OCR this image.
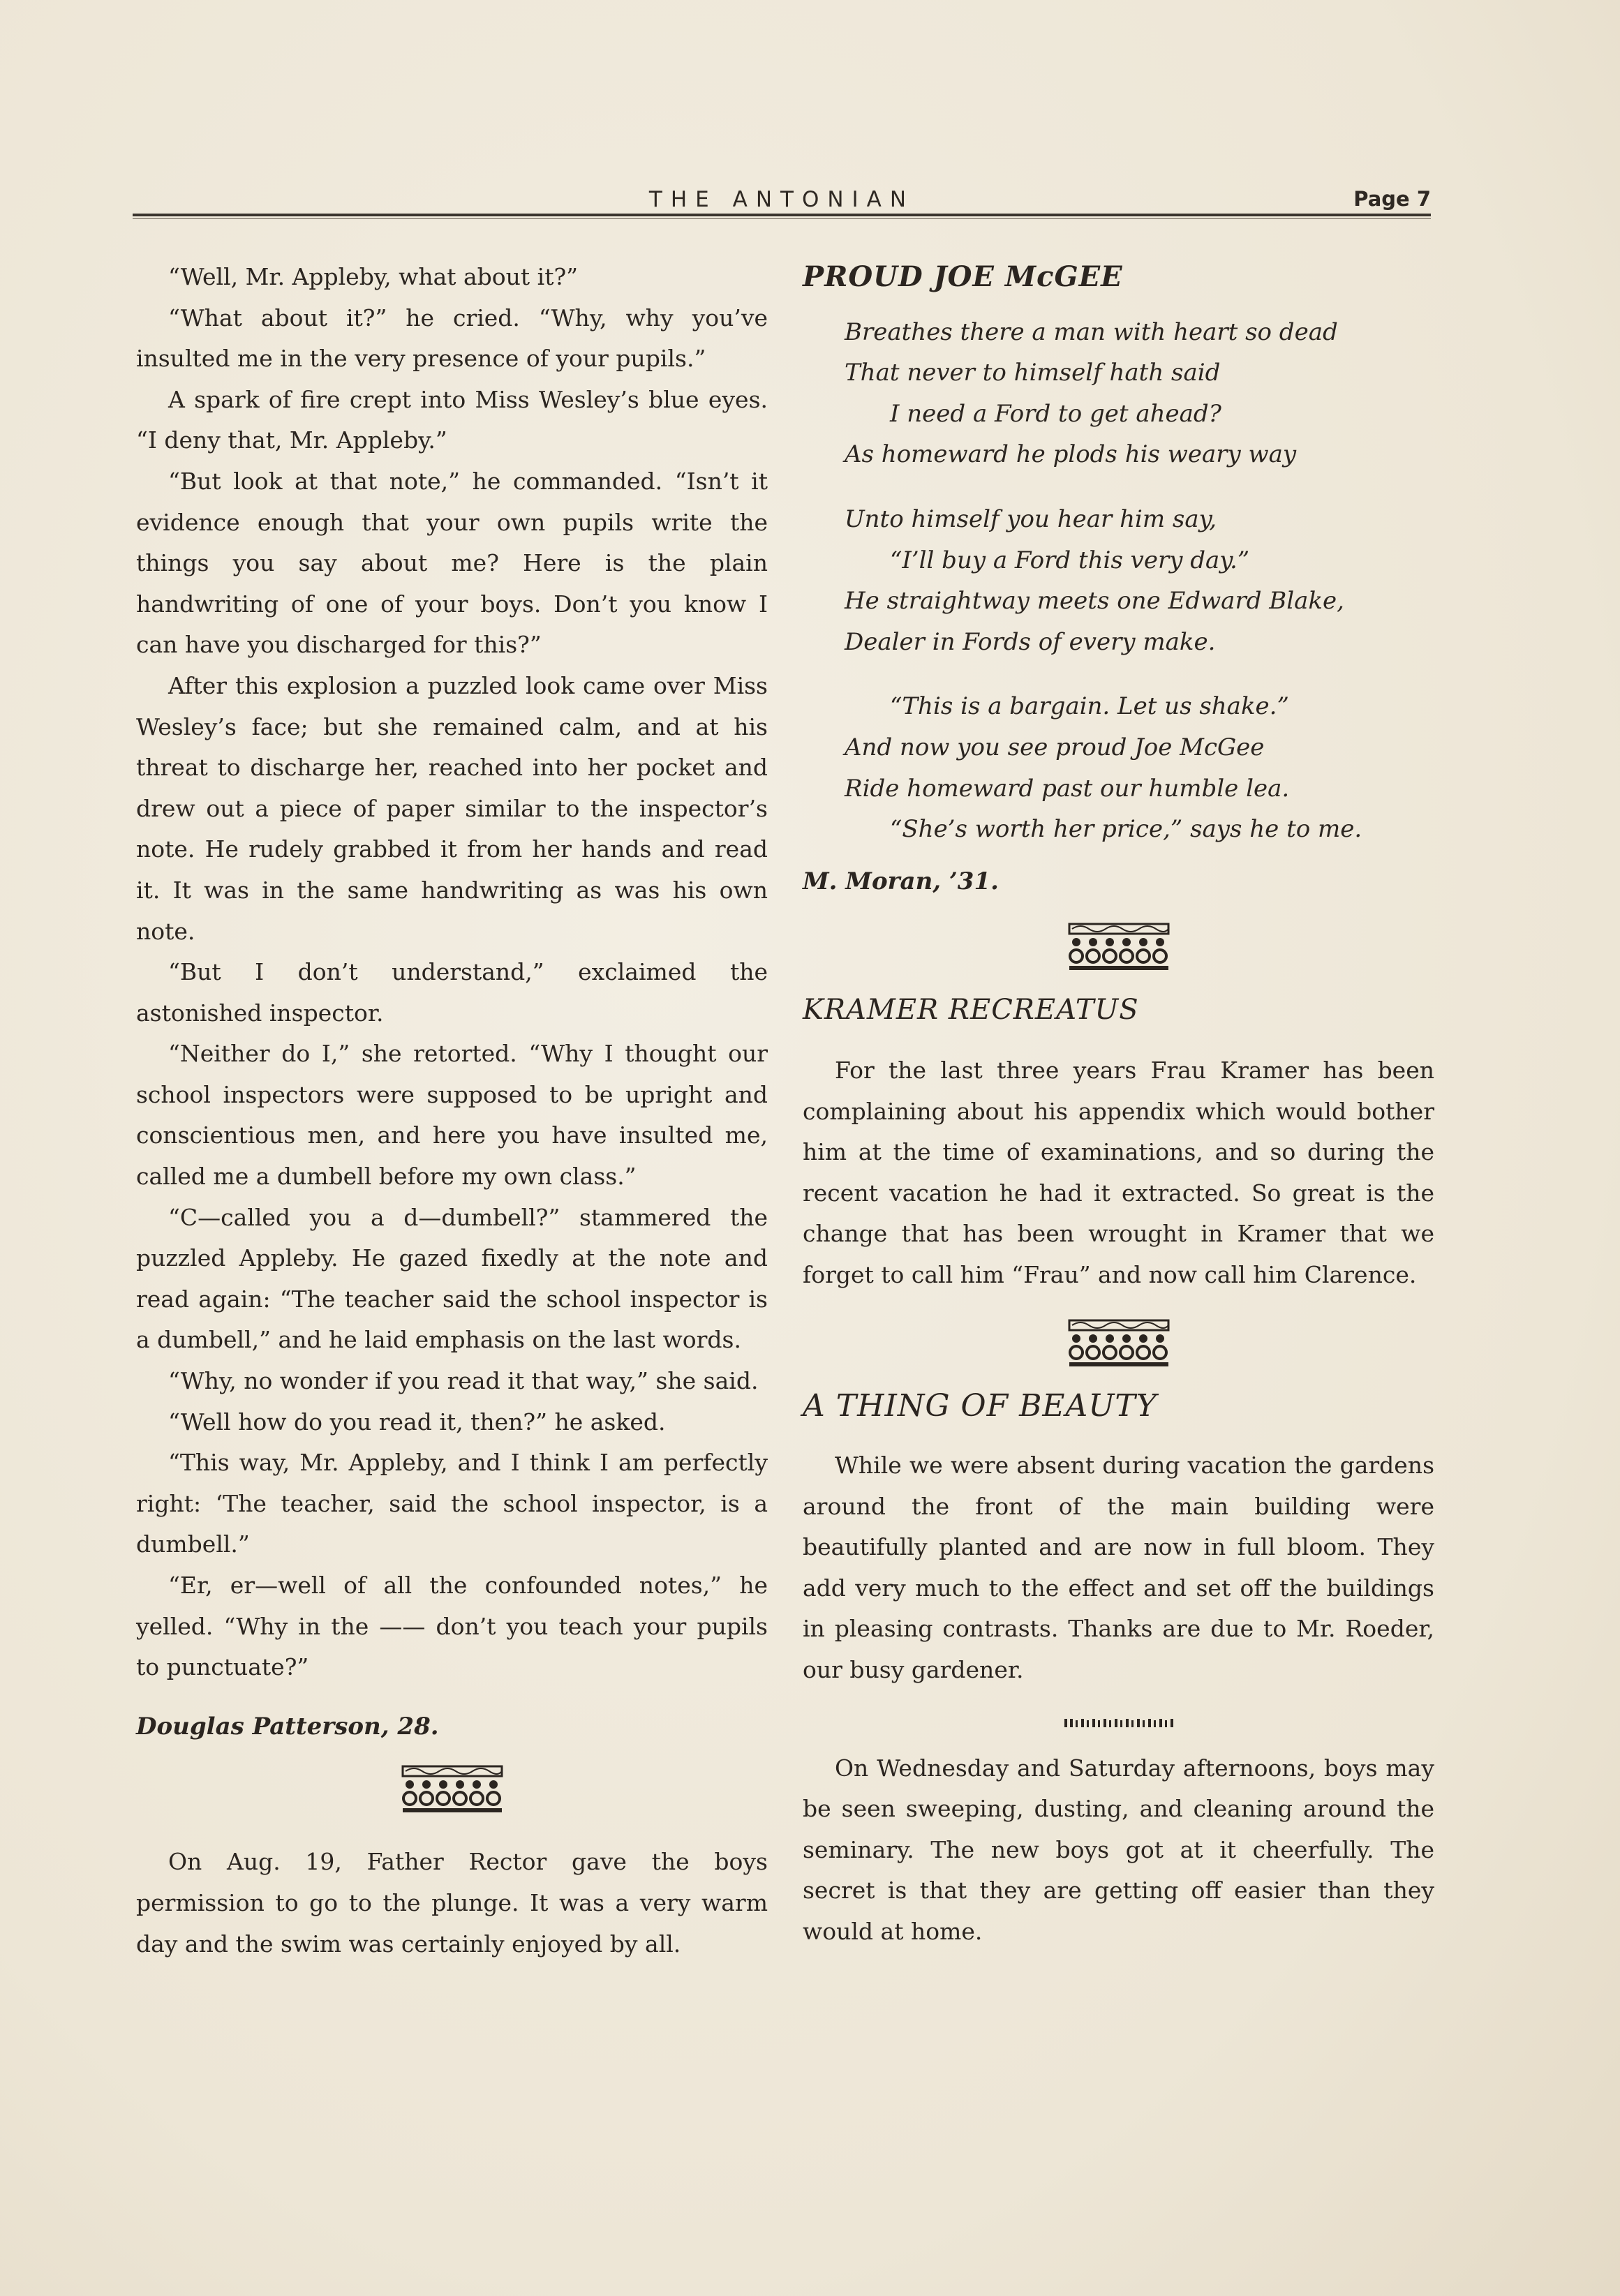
THE ANTONIAN	Page 7

“Well, Mr. Appleby, what about it?”

“What about it?” he cried. “Why, why you’ve insulted me in the very presence of your pupils.”

A spark of fire crept into Miss Wesley’s blue eyes. “I deny that, Mr. Appleby.”

“But look at that note,” he commanded. “Isn’t it evidence enough that your own pupils write the things you say about me? Here is the plain handwriting of one of your boys. Don’t you know I can have you discharged for this?”

After this explosion a puzzled look came over Miss Wesley’s face; but she remained calm, and at his threat to discharge her, reached into her pocket and drew out a piece of paper similar to the inspector’s note. He rudely grabbed it from her hands and read it. It was in the same handwriting as was his own note.

“But I don’t understand,” exclaimed the astonished inspector.

“Neither do I,” she retorted. “Why I thought our school inspectors were supposed to be upright and conscientious men, and here you have insulted me, called me a dumbell before my own class.”

“C—called you a d—dumbell?” stammered the puzzled Appleby. He gazed fixedly at the note and read again: “The teacher said the school inspector is a dumbell,” and he laid emphasis on the last words.

“Why, no wonder if you read it that way,” she said.

“Well how do you read it, then?” he asked.

“This way, Mr. Appleby, and I think I am perfectly right: ‘The teacher, said the school inspector, is a dumbell.”

“Er, er—well of all the confounded notes,” he yelled. “Why in the —— don’t you teach your pupils to punctuate?”

Douglas Patterson, 28.

On Aug. 19, Father Rector gave the boys permission to go to the plunge. It was a very warm day and the swim was certainly enjoyed by all.

PROUD JOE McGEE

Breathes there a man with heart so dead
That never to himself hath said
I need a Ford to get ahead?
As homeward he plods his weary way
Unto himself you hear him say,
“I’ll buy a Ford this very day.”
He straightway meets one Edward Blake,
Dealer in Fords of every make.
“This is a bargain. Let us shake.”
And now you see proud Joe McGee
Ride homeward past our humble lea.
“She’s worth her price,” says he to me.

M. Moran, ’31.

KRAMER RECREATUS

For the last three years Frau Kramer has been complaining about his appendix which would bother him at the time of examinations, and so during the recent vacation he had it extracted. So great is the change that has been wrought in Kramer that we forget to call him “Frau” and now call him Clarence.

A THING OF BEAUTY

While we were absent during vacation the gardens around the front of the main building were beautifully planted and are now in full bloom. They add very much to the effect and set off the buildings in pleasing contrasts. Thanks are due to Mr. Roeder, our busy gardener.

On Wednesday and Saturday afternoons, boys may be seen sweeping, dusting, and cleaning around the seminary. The new boys got at it cheerfully. The secret is that they are getting off easier than they would at home.
